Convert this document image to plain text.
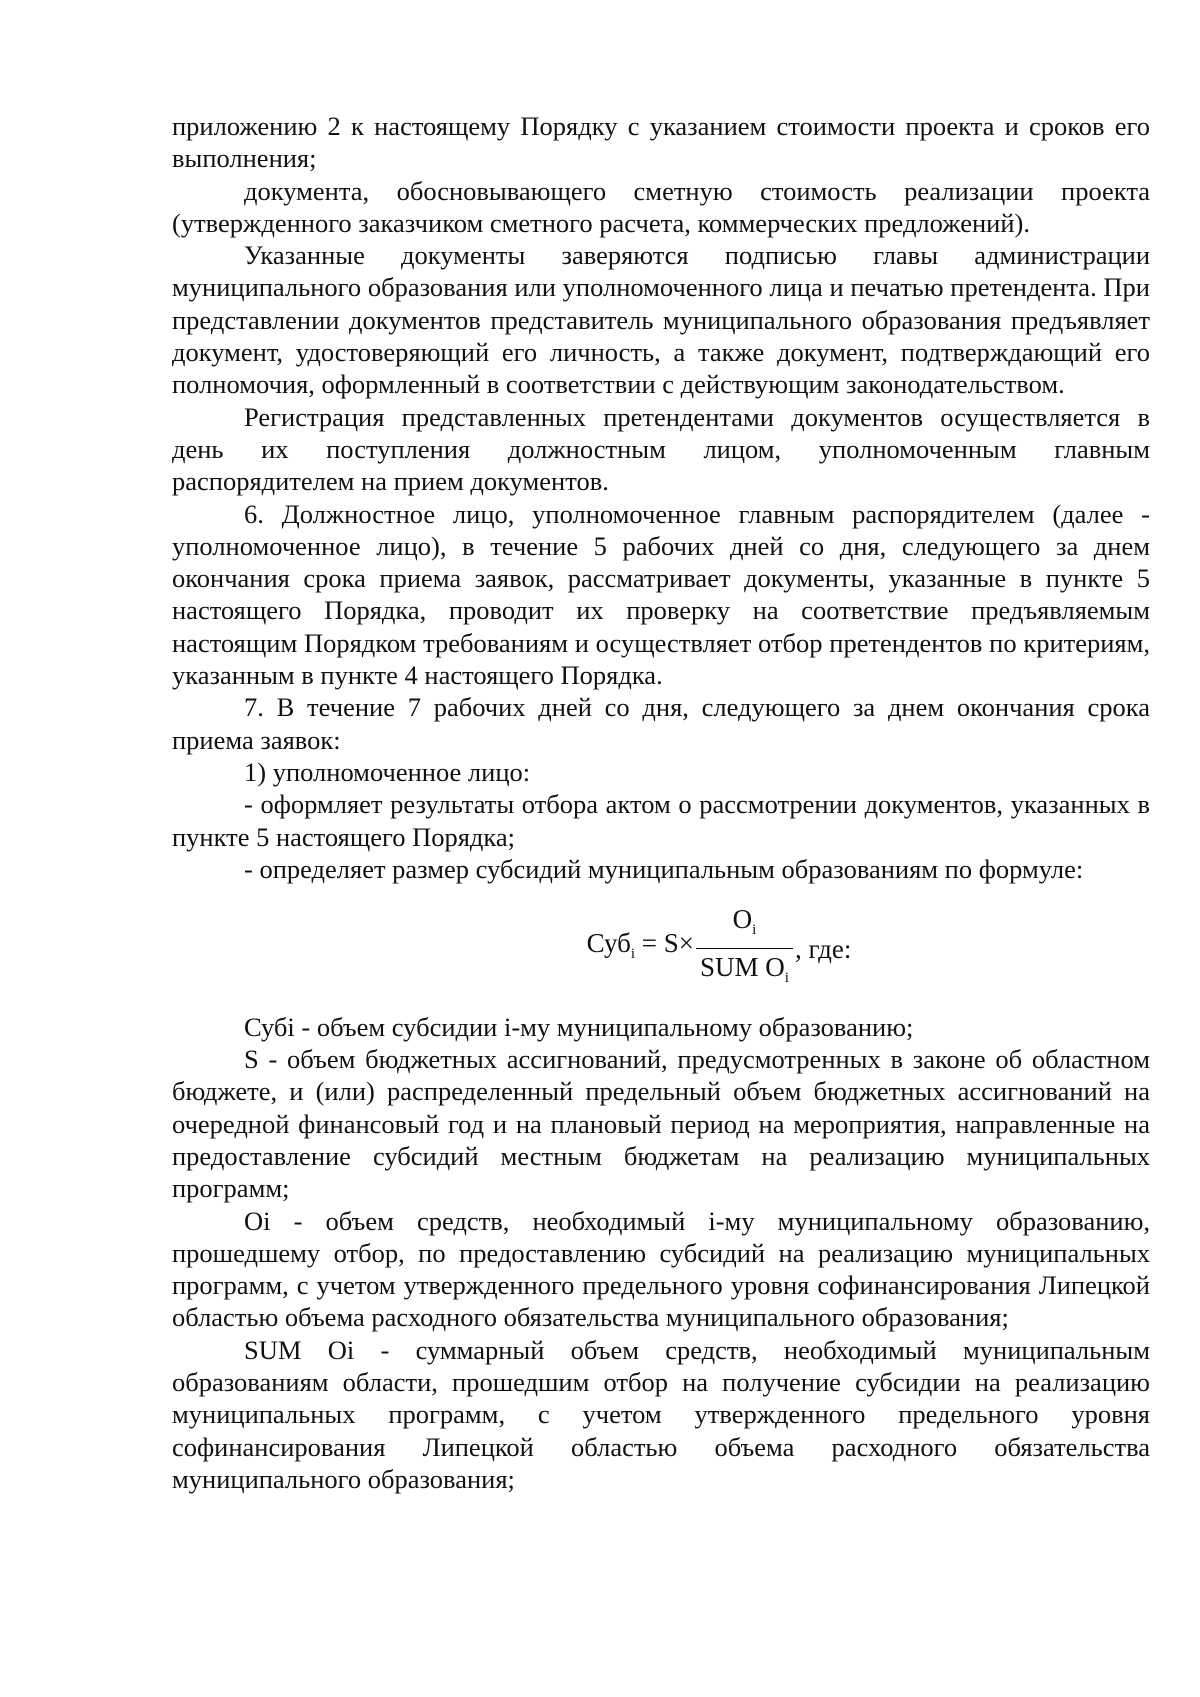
приложению 2 к настоящему Порядку с указанием стоимости проекта и сроков его выполнения;

документа, обосновывающего сметную стоимость реализации проекта (утвержденного заказчиком сметного расчета, коммерческих предложений).

Указанные документы заверяются подписью главы администрации муниципального образования или уполномоченного лица и печатью претендента. При представлении документов представитель муниципального образования предъявляет документ, удостоверяющий его личность, а также документ, подтверждающий его полномочия, оформленный в соответствии с действующим законодательством.

Регистрация представленных претендентами документов осуществляется в день их поступления должностным лицом, уполномоченным главным распорядителем на прием документов.

6. Должностное лицо, уполномоченное главным распорядителем (далее - уполномоченное лицо), в течение 5 рабочих дней со дня, следующего за днем окончания срока приема заявок, рассматривает документы, указанные в пункте 5 настоящего Порядка, проводит их проверку на соответствие предъявляемым настоящим Порядком требованиям и осуществляет отбор претендентов по критериям, указанным в пункте 4 настоящего Порядка.

7. В течение 7 рабочих дней со дня, следующего за днем окончания срока приема заявок:

1) уполномоченное лицо:

- оформляет результаты отбора актом о рассмотрении документов, указанных в пункте 5 настоящего Порядка;

- определяет размер субсидий муниципальным образованиям по формуле:

$Суб_i = S\times \frac{O_i}{SUM O_i}$ , где:

Субi - объем субсидии i-му муниципальному образованию;

S - объем бюджетных ассигнований, предусмотренных в законе об областном бюджете, и (или) распределенный предельный объем бюджетных ассигнований на очередной финансовый год и на плановый период на мероприятия, направленные на предоставление субсидий местным бюджетам на реализацию муниципальных программ;

Oi - объем средств, необходимый i-му муниципальному образованию, прошедшему отбор, по предоставлению субсидий на реализацию муниципальных программ, с учетом утвержденного предельного уровня софинансирования Липецкой областью объема расходного обязательства муниципального образования;

SUM Oi - суммарный объем средств, необходимый муниципальным образованиям области, прошедшим отбор на получение субсидии на реализацию муниципальных программ, с учетом утвержденного предельного уровня софинансирования Липецкой областью объема расходного обязательства муниципального образования;
